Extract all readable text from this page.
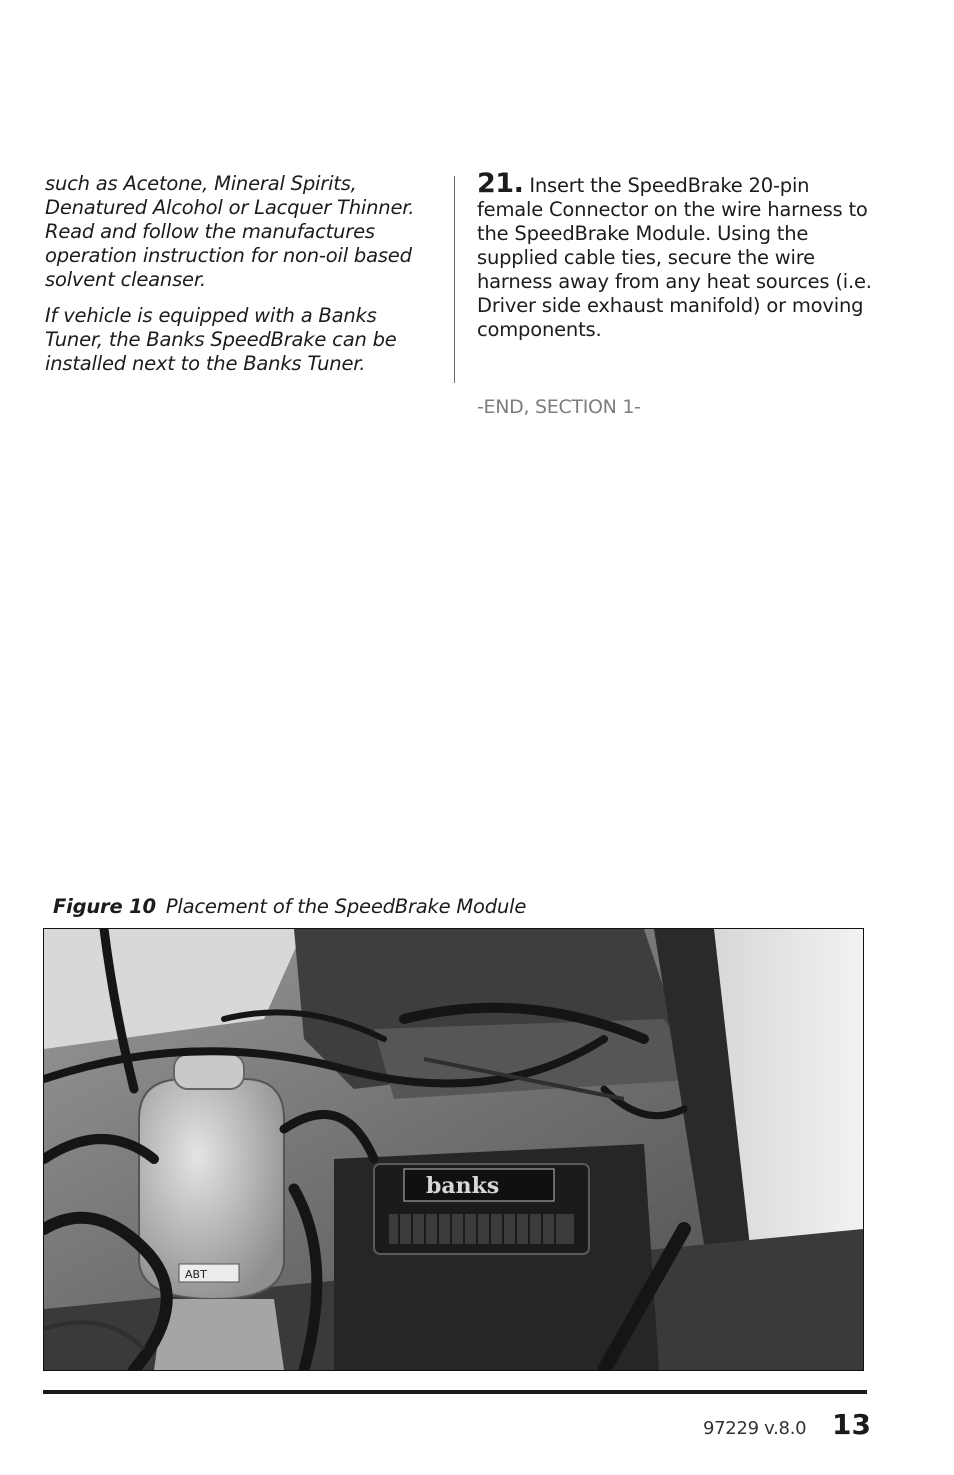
such as Acetone, Mineral Spirits, Denatured Alcohol or Lacquer Thinner. Read and follow the manufactures operation instruction for non-oil based solvent cleanser.

If vehicle is equipped with a Banks Tuner, the Banks SpeedBrake can be installed next to the Banks Tuner.

21. Insert the SpeedBrake 20-pin female Connector on the wire harness to the SpeedBrake Module. Using the supplied cable ties, secure the wire harness away from any heat sources (i.e. Driver side exhaust manifold) or moving components.

-END, SECTION 1-

Figure 10 Placement of the SpeedBrake Module

banks
ABT

97229 v.8.0 13
